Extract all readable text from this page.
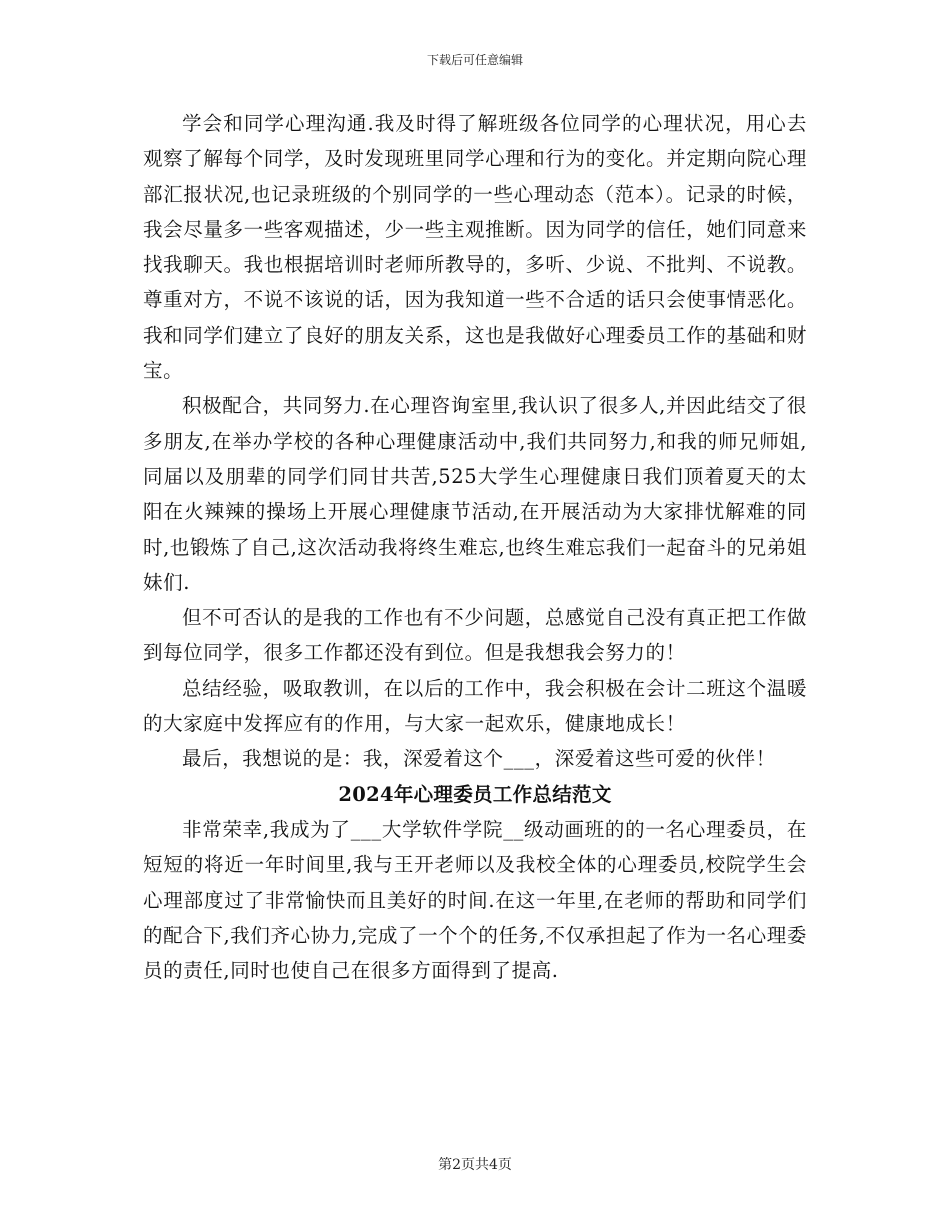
下载后可任意编辑

学会和同学心理沟通.我及时得了解班级各位同学的心理状况，用心去观察了解每个同学，及时发现班里同学心理和行为的变化。并定期向院心理部汇报状况,也记录班级的个别同学的一些心理动态（范本）。记录的时候，我会尽量多一些客观描述，少一些主观推断。因为同学的信任，她们同意来找我聊天。我也根据培训时老师所教导的，多听、少说、不批判、不说教。尊重对方，不说不该说的话，因为我知道一些不合适的话只会使事情恶化。我和同学们建立了良好的朋友关系，这也是我做好心理委员工作的基础和财宝。

积极配合，共同努力.在心理咨询室里,我认识了很多人,并因此结交了很多朋友,在举办学校的各种心理健康活动中,我们共同努力,和我的师兄师姐,同届以及朋辈的同学们同甘共苦,525大学生心理健康日我们顶着夏天的太阳在火辣辣的操场上开展心理健康节活动,在开展活动为大家排忧解难的同时,也锻炼了自己,这次活动我将终生难忘,也终生难忘我们一起奋斗的兄弟姐妹们.

但不可否认的是我的工作也有不少问题，总感觉自己没有真正把工作做到每位同学，很多工作都还没有到位。但是我想我会努力的！

总结经验，吸取教训，在以后的工作中，我会积极在会计二班这个温暖的大家庭中发挥应有的作用，与大家一起欢乐，健康地成长！

最后，我想说的是：我，深爱着这个___，深爱着这些可爱的伙伴！

2024年心理委员工作总结范文

非常荣幸,我成为了___大学软件学院__级动画班的的一名心理委员，在短短的将近一年时间里,我与王开老师以及我校全体的心理委员,校院学生会心理部度过了非常愉快而且美好的时间.在这一年里,在老师的帮助和同学们的配合下,我们齐心协力,完成了一个个的任务,不仅承担起了作为一名心理委员的责任,同时也使自己在很多方面得到了提高.

第2页共4页
